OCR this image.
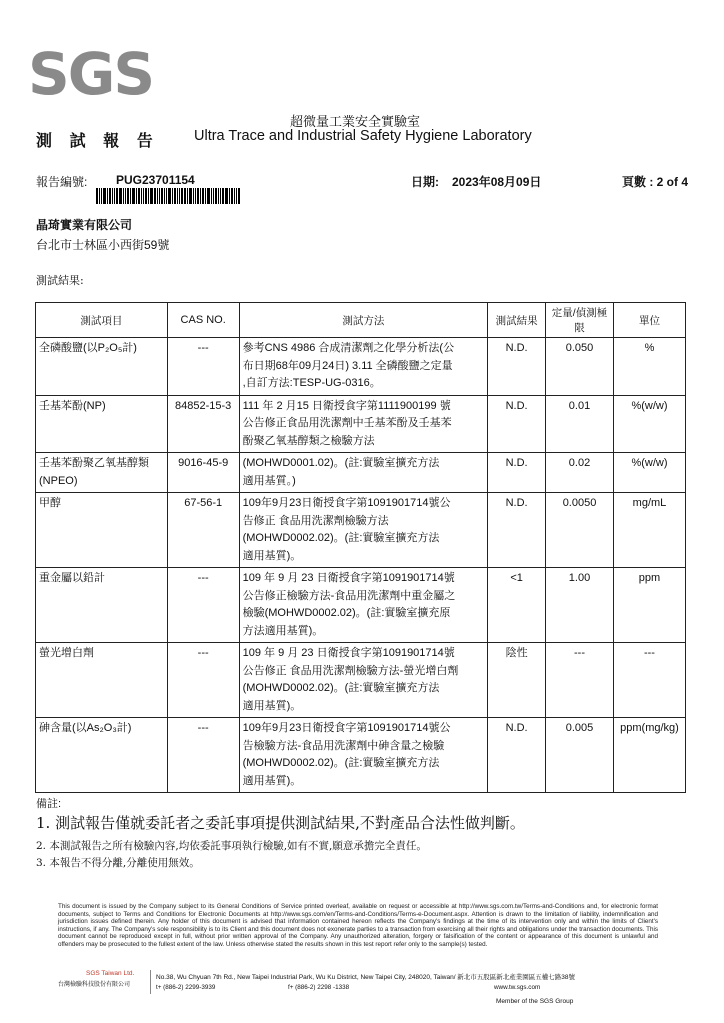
SGS
超微量工業安全實驗室
測 試 報 告 Ultra Trace and Industrial Safety Hygiene Laboratory
報告編號: PUG23701154	日期: 2023年08月09日	頁數 : 2 of 4
晶琦實業有限公司
台北市士林區小西街59號
測試結果:
測試項目	CAS NO.	測試方法	測試結果	定量/偵測極限	單位
全磷酸鹽(以P₂O₅計)	---	參考CNS 4986 合成清潔劑之化學分析法(公
布日期68年09月24日) 3.11 全磷酸鹽之定量
,自訂方法:TESP-UG-0316。	N.D.	0.050	%
壬基苯酚(NP)	84852-15-3	111 年 2 月15 日衛授食字第1111900199 號
公告修正食品用洗潔劑中壬基苯酚及壬基苯
酚聚乙氧基醇類之檢驗方法	N.D.	0.01	%(w/w)
壬基苯酚聚乙氧基醇類(NPEO)	9016-45-9	(MOHWD0001.02)。(註:實驗室擴充方法
適用基質。)	N.D.	0.02	%(w/w)
甲醇	67-56-1	109年9月23日衛授食字第1091901714號公
告修正 食品用洗潔劑檢驗方法
(MOHWD0002.02)。(註:實驗室擴充方法
適用基質)。	N.D.	0.0050	mg/mL
重金屬以鉛計	---	109 年 9 月 23 日衛授食字第1091901714號
公告修正檢驗方法-食品用洗潔劑中重金屬之
檢驗(MOHWD0002.02)。(註:實驗室擴充原
方法適用基質)。	<1	1.00	ppm
螢光增白劑	---	109 年 9 月 23 日衛授食字第1091901714號
公告修正 食品用洗潔劑檢驗方法-螢光增白劑
(MOHWD0002.02)。(註:實驗室擴充方法
適用基質)。	陰性	---	---
砷含量(以As₂O₃計)	---	109年9月23日衛授食字第1091901714號公
告檢驗方法-食品用洗潔劑中砷含量之檢驗
(MOHWD0002.02)。(註:實驗室擴充方法
適用基質)。	N.D.	0.005	ppm(mg/kg)
備註:
1. 測試報告僅就委託者之委託事項提供測試結果,不對產品合法性做判斷。
2. 本測試報告之所有檢驗內容,均依委託事項執行檢驗,如有不實,願意承擔完全責任。
3. 本報告不得分離,分離使用無效。
This document is issued by the Company subject to its General Conditions of Service printed overleaf, available on request or accessible at http://www.sgs.com.tw/Terms-and-Conditions and, for electronic format documents, subject to Terms and Conditions for Electronic Documents at http://www.sgs.com/en/Terms-and-Conditions/Terms-e-Document.aspx. Attention is drawn to the limitation of liability, indemnification and jurisdiction issues defined therein. Any holder of this document is advised that information contained hereon reflects the Company's findings at the time of its intervention only and within the limits of Client's instructions, if any. The Company's sole responsibility is to its Client and this document does not exonerate parties to a transaction from exercising all their rights and obligations under the transaction documents. This document cannot be reproduced except in full, without prior written approval of the Company. Any unauthorized alteration, forgery or falsification of the content or appearance of this document is unlawful and offenders may be prosecuted to the fullest extent of the law. Unless otherwise stated the results shown in this test report refer only to the sample(s) tested.
SGS Taiwan Ltd.
台灣檢驗科技股份有限公司
No.38, Wu Chyuan 7th Rd., New Taipei Industrial Park, Wu Ku District, New Taipei City, 248020, Taiwan/ 新北市五股區新北產業園區五權七路38號
t+ (886-2) 2299-3939	f+ (886-2) 2298 -1338	www.tw.sgs.com
Member of the SGS Group
